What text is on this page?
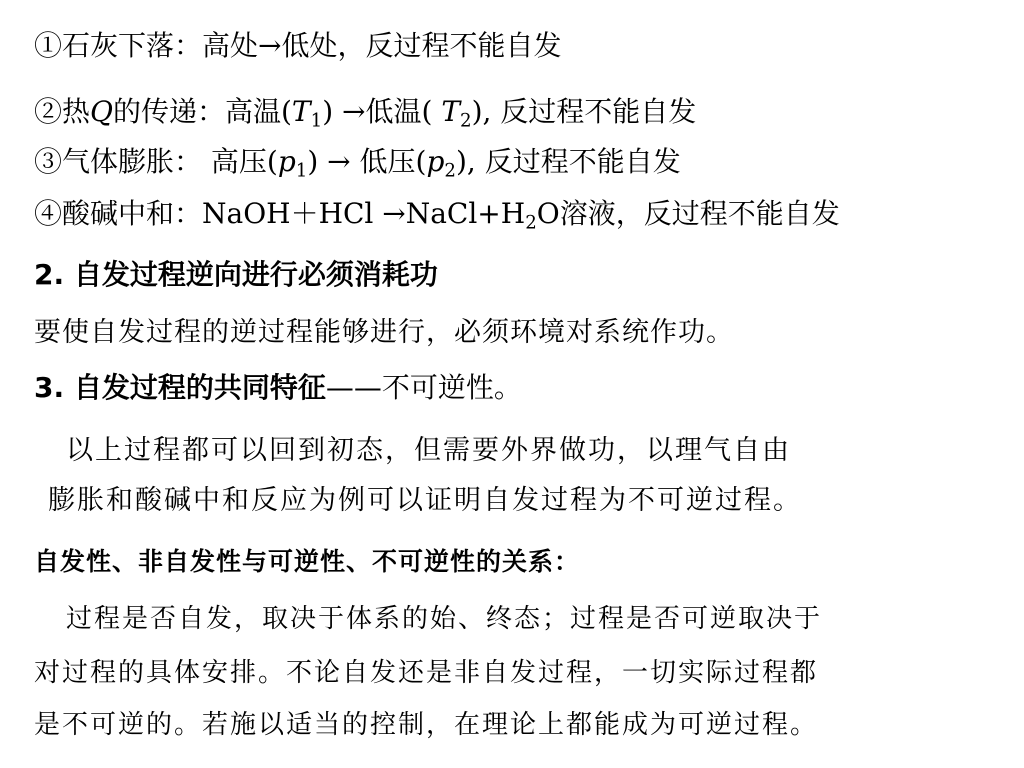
①石灰下落：高处→低处，反过程不能自发
②热Q的传递：高温$(T_1)$ →低温( $T_2$), 反过程不能自发
③气体膨胀： 高压$(p_1)$ → 低压$(p_2)$, 反过程不能自发
④酸碱中和：NaOH＋HCl $\to NaCl+H_2O$溶液，反过程不能自发
2. 自发过程逆向进行必须消耗功
要使自发过程的逆过程能够进行，必须环境对系统作功。
3. 自发过程的共同特征——不可逆性。
以上过程都可以回到初态，但需要外界做功，以理气自由
膨胀和酸碱中和反应为例可以证明自发过程为不可逆过程。
自发性、非自发性与可逆性、不可逆性的关系：
过程是否自发，取决于体系的始、终态；过程是否可逆取决于
对过程的具体安排。不论自发还是非自发过程，一切实际过程都
是不可逆的。若施以适当的控制，在理论上都能成为可逆过程。
